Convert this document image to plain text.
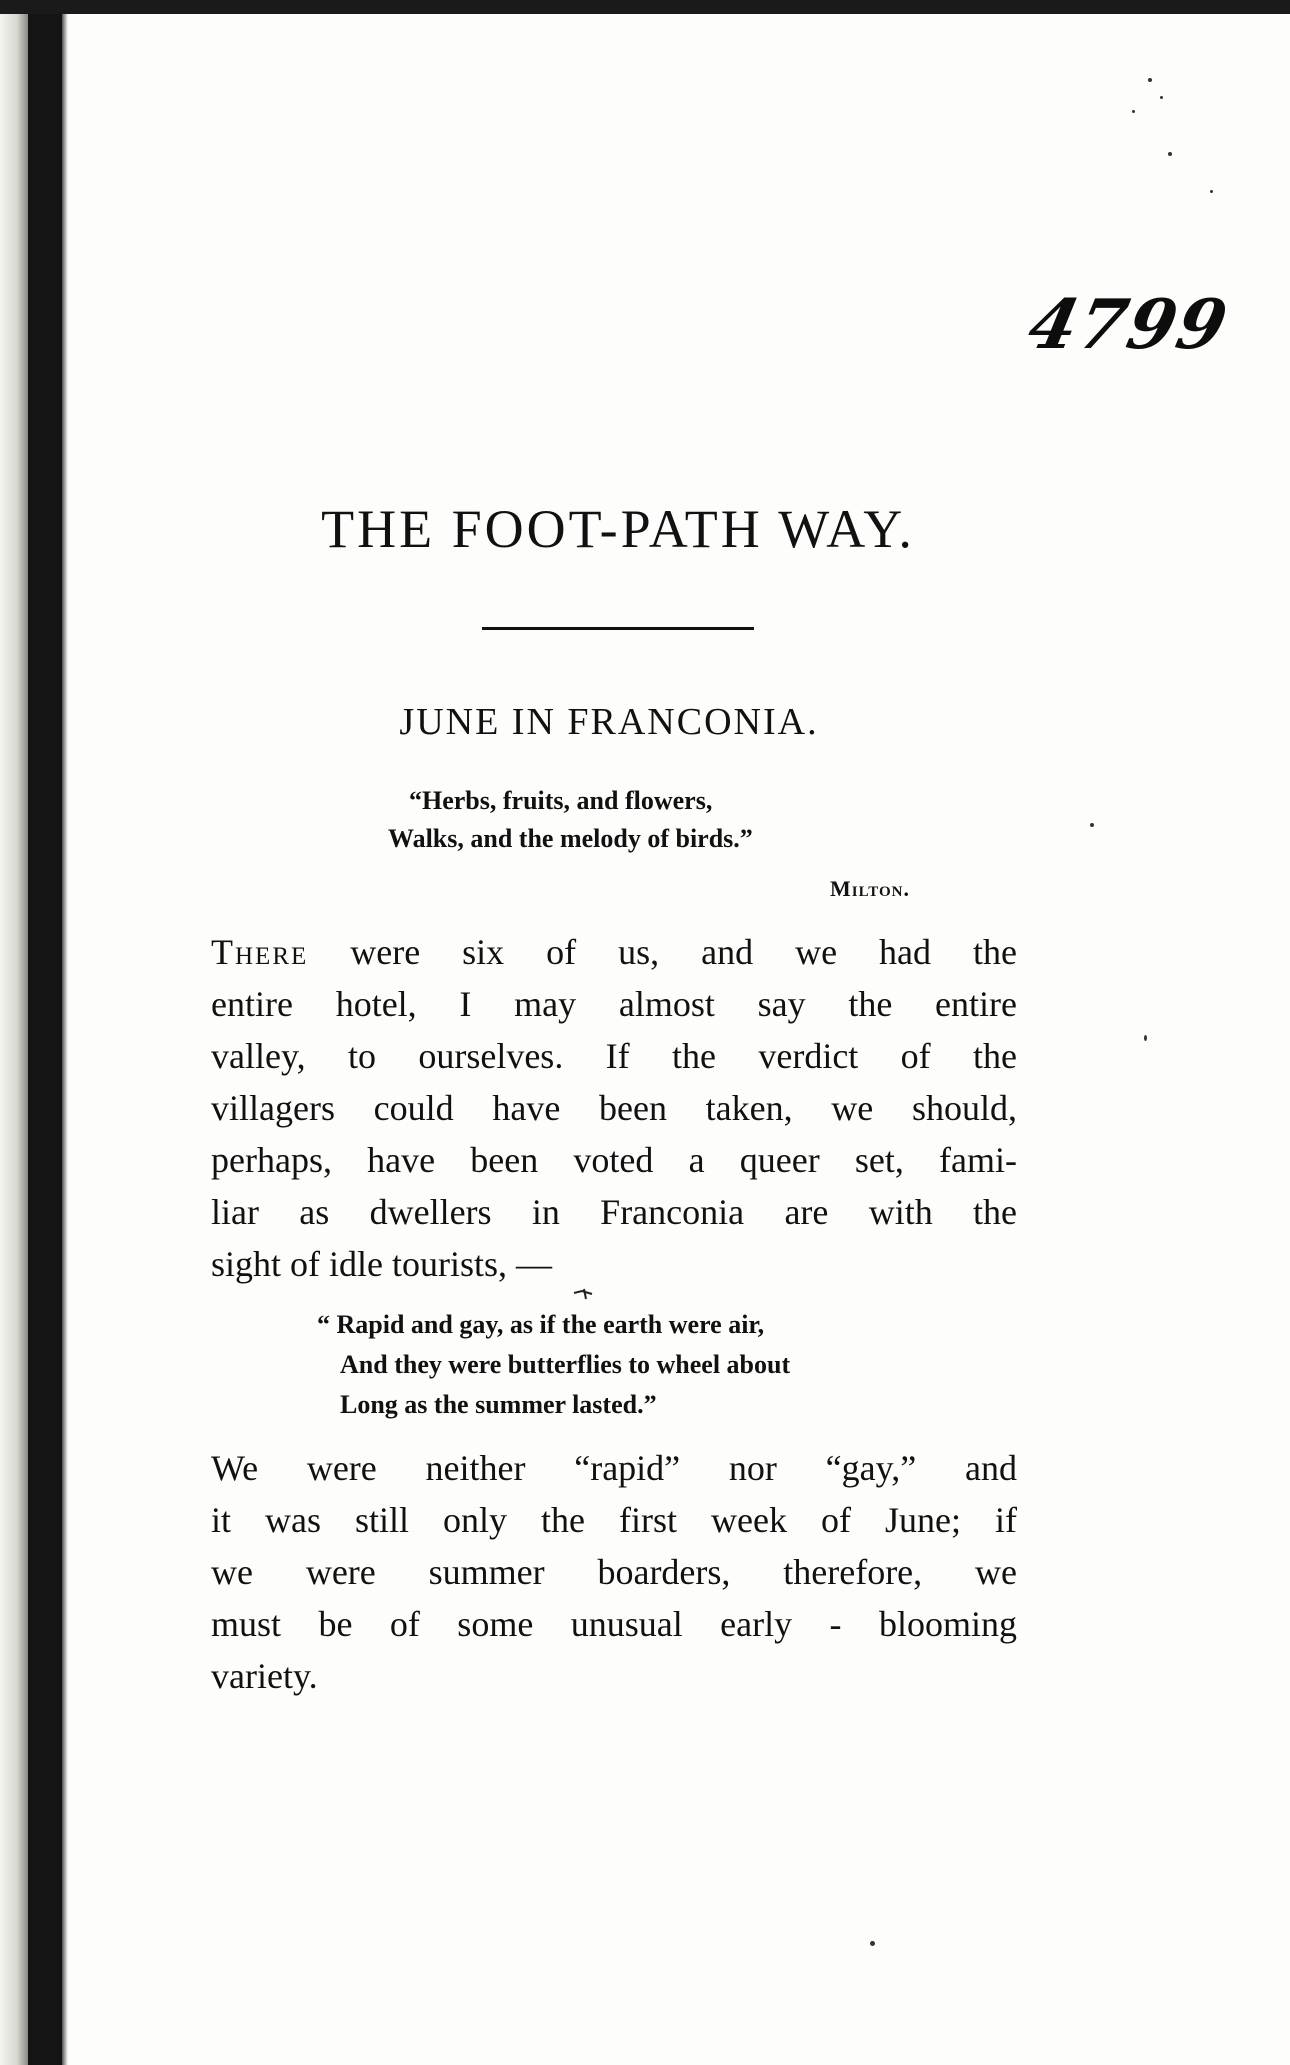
4799
THE FOOT-PATH WAY.
JUNE IN FRANCONIA.
“Herbs, fruits, and flowers,
Walks, and the melody of birds.”
Milton.
There were six of us, and we had the
entire hotel, I may almost say the entire
valley, to ourselves. If the verdict of the
villagers could have been taken, we should,
perhaps, have been voted a queer set, fami-
liar as dwellers in Franconia are with the
sight of idle tourists, —
“ Rapid and gay, as if the earth were air,
And they were butterflies to wheel about
Long as the summer lasted.”
We were neither “rapid” nor “gay,” and
it was still only the first week of June; if
we were summer boarders, therefore, we
must be of some unusual early - blooming
variety.
